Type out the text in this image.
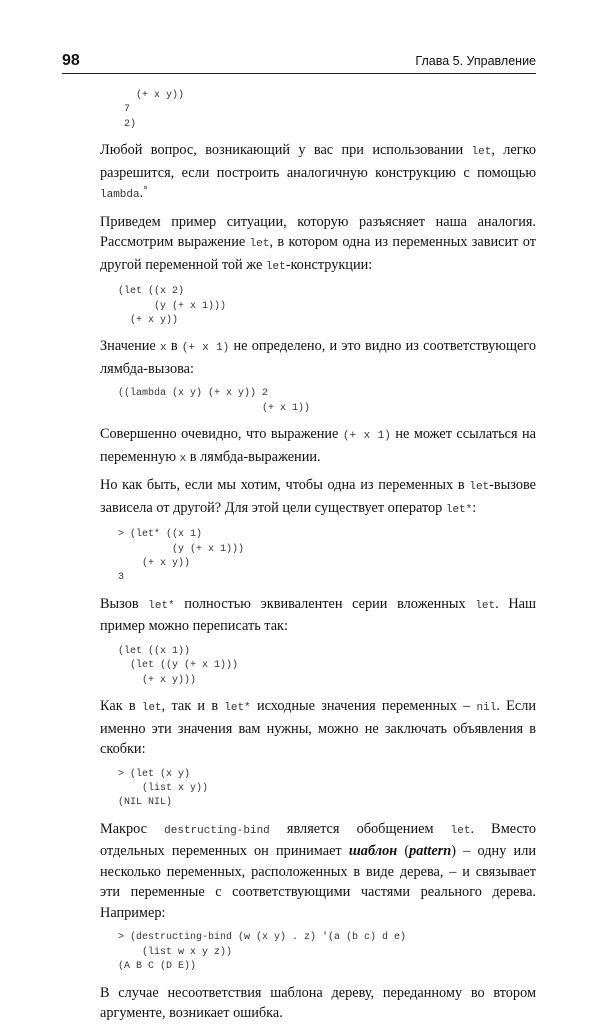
98	Глава 5. Управление
(+ x y))
7
2)

Любой вопрос, возникающий у вас при использовании let, легко разрешится, если построить аналогичную конструкцию с помощью lambda.˚

Приведем пример ситуации, которую разъясняет наша аналогия. Рассмотрим выражение let, в котором одна из переменных зависит от другой переменной той же let-конструкции:

(let ((x 2)
(y (+ x 1)))
(+ x y))

Значение x в (+ x 1) не определено, и это видно из соответствующего лямбда-вызова:

((lambda (x y) (+ x y)) 2
(+ x 1))

Совершенно очевидно, что выражение (+ x 1) не может ссылаться на переменную x в лямбда-выражении.

Но как быть, если мы хотим, чтобы одна из переменных в let-вызове зависела от другой? Для этой цели существует оператор let*:

> (let* ((x 1)
(y (+ x 1)))
(+ x y))
3

Вызов let* полностью эквивалентен серии вложенных let. Наш пример можно переписать так:

(let ((x 1))
(let ((y (+ x 1)))
(+ x y)))

Как в let, так и в let* исходные значения переменных – nil. Если именно эти значения вам нужны, можно не заключать объявления в скобки:

> (let (x y)
(list x y))
(NIL NIL)

Макрос destructing-bind является обобщением let. Вместо отдельных переменных он принимает шаблон (pattern) – одну или несколько переменных, расположенных в виде дерева, – и связывает эти переменные с соответствующими частями реального дерева. Например:

> (destructing-bind (w (x y) . z) '(a (b c) d e)
(list w x y z))
(A B C (D E))

В случае несоответствия шаблона дереву, переданному во втором аргументе, возникает ошибка.
